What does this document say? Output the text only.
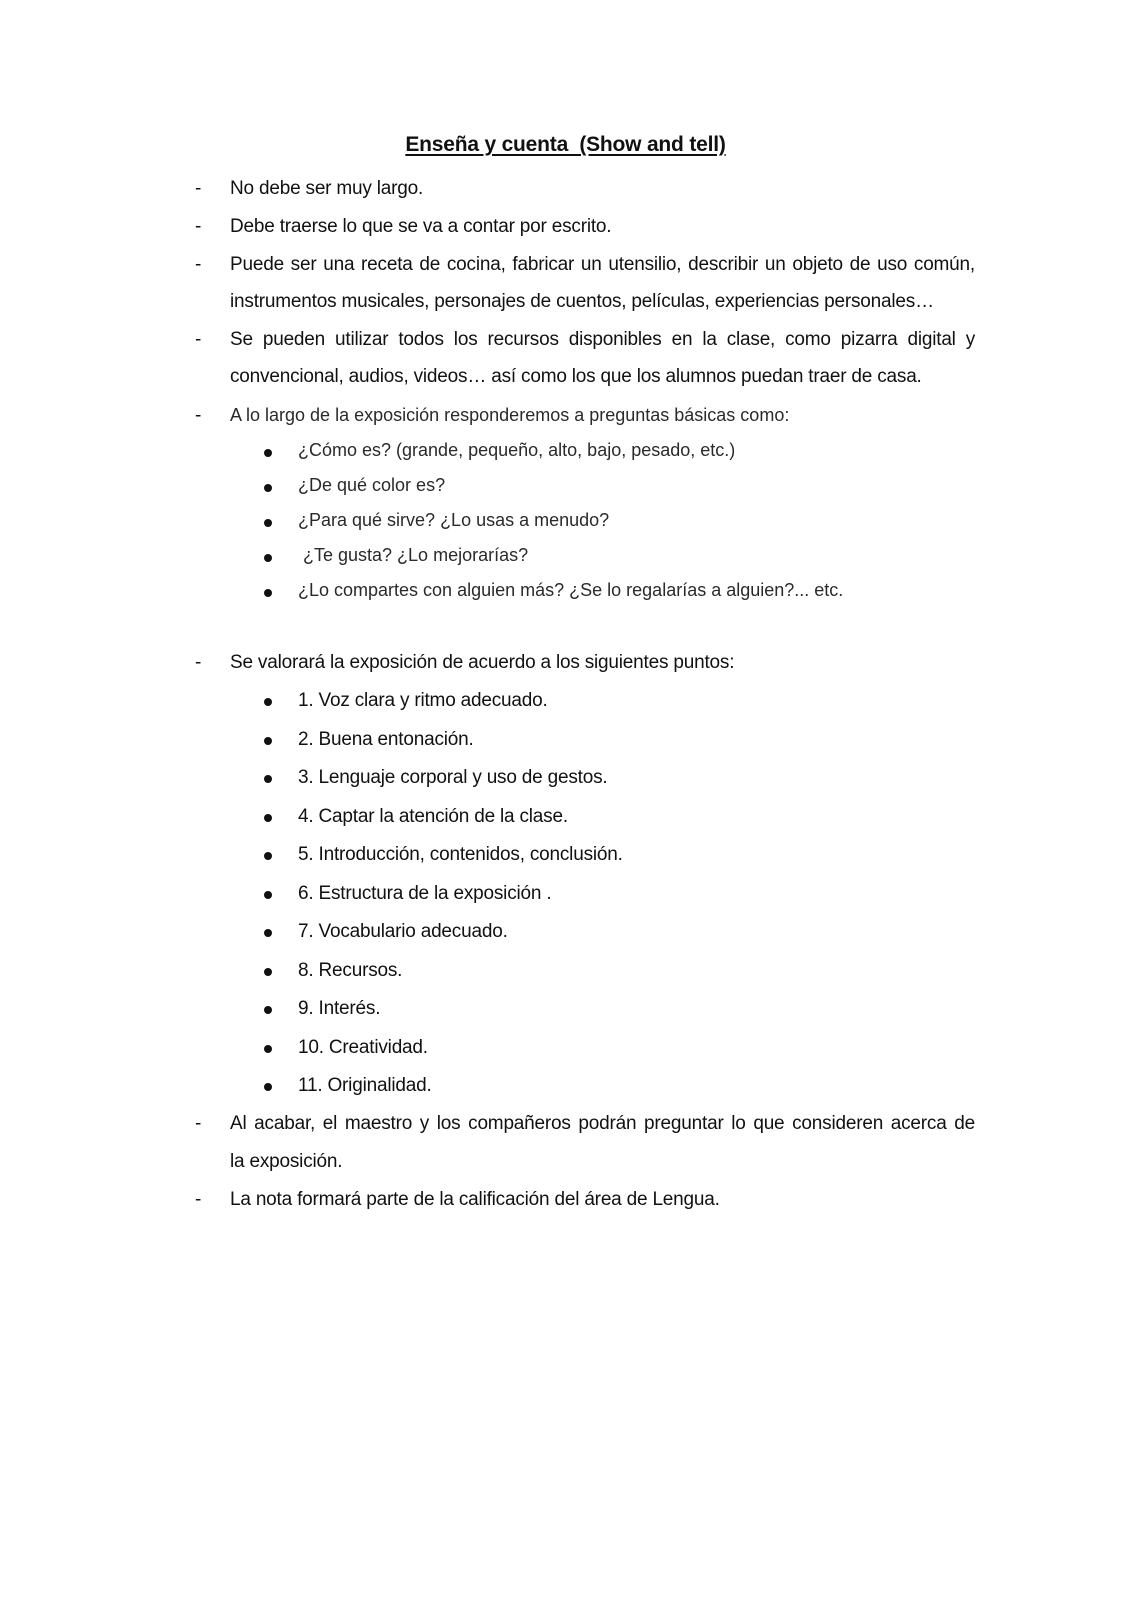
Enseña y cuenta  (Show and tell)
- No debe ser muy largo.
- Debe traerse lo que se va a contar por escrito.
- Puede ser una receta de cocina, fabricar un utensilio, describir un objeto de uso común,
instrumentos musicales, personajes de cuentos, películas, experiencias personales…
- Se pueden utilizar todos los recursos disponibles en la clase, como pizarra digital y
convencional, audios, videos… así como los que los alumnos puedan traer de casa.
- A lo largo de la exposición responderemos a preguntas básicas como:
¿Cómo es? (grande, pequeño, alto, bajo, pesado, etc.)
¿De qué color es?
¿Para qué sirve? ¿Lo usas a menudo?
¿Te gusta? ¿Lo mejorarías?
¿Lo compartes con alguien más? ¿Se lo regalarías a alguien?... etc.
- Se valorará la exposición de acuerdo a los siguientes puntos:
1. Voz clara y ritmo adecuado.
2. Buena entonación.
3. Lenguaje corporal y uso de gestos.
4. Captar la atención de la clase.
5. Introducción, contenidos, conclusión.
6. Estructura de la exposición .
7. Vocabulario adecuado.
8. Recursos.
9. Interés.
10. Creatividad.
11. Originalidad.
- Al acabar, el maestro y los compañeros podrán preguntar lo que consideren acerca de
la exposición.
- La nota formará parte de la calificación del área de Lengua.
